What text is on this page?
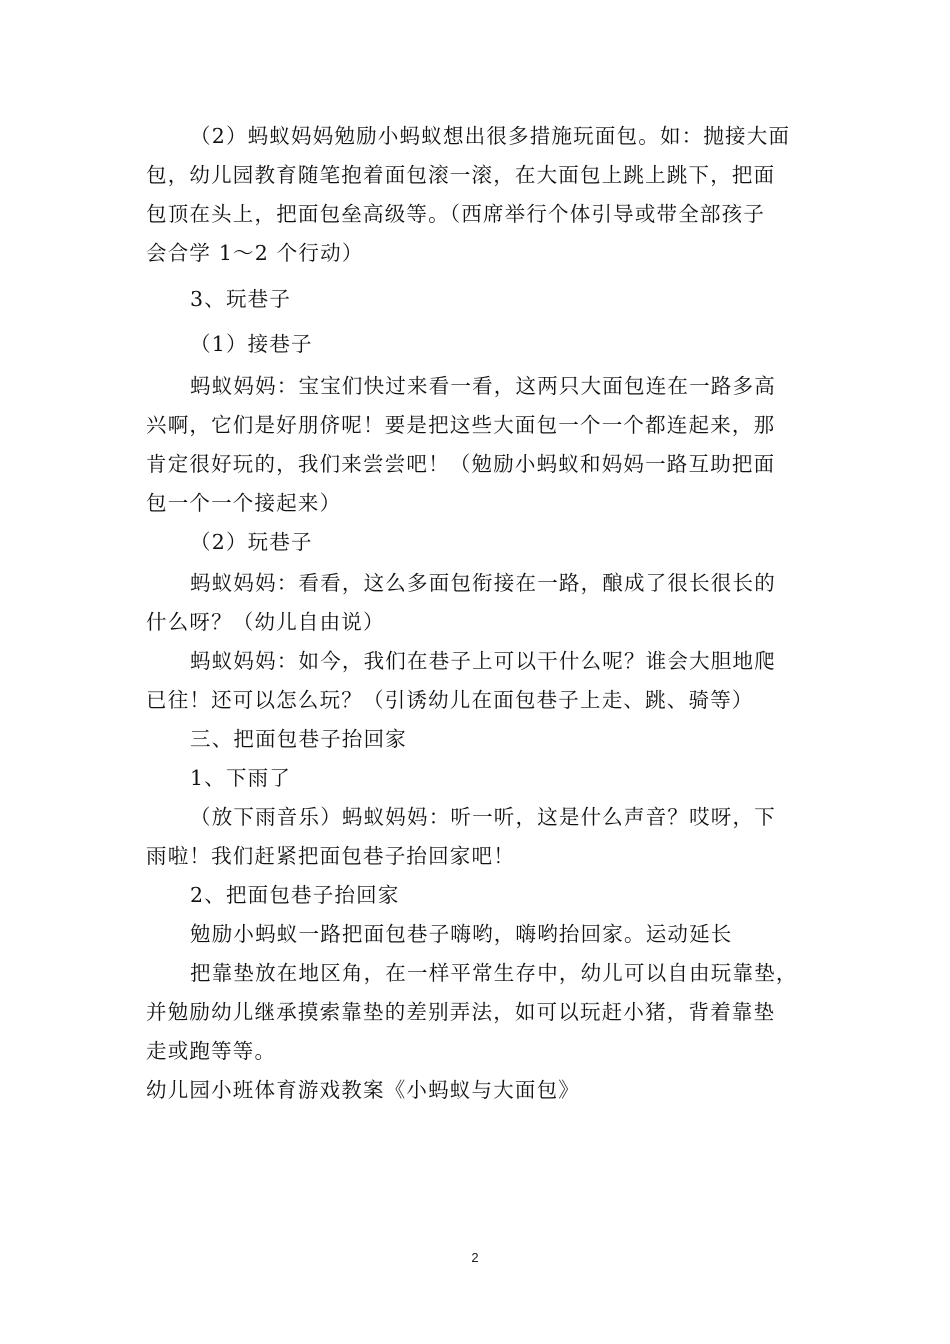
（2）蚂蚁妈妈勉励小蚂蚁想出很多措施玩面包。如：抛接大面
包，幼儿园教育随笔抱着面包滚一滚，在大面包上跳上跳下，把面
包顶在头上，把面包垒高级等。（西席举行个体引导或带全部孩子
会合学 1～2 个行动）
3、玩巷子
（1）接巷子
蚂蚁妈妈：宝宝们快过来看一看，这两只大面包连在一路多高
兴啊，它们是好朋侪呢！要是把这些大面包一个一个都连起来，那
肯定很好玩的，我们来尝尝吧！（勉励小蚂蚁和妈妈一路互助把面
包一个一个接起来）
（2）玩巷子
蚂蚁妈妈：看看，这么多面包衔接在一路，酿成了很长很长的
什么呀？（幼儿自由说）
蚂蚁妈妈：如今，我们在巷子上可以干什么呢？谁会大胆地爬
已往！还可以怎么玩？（引诱幼儿在面包巷子上走、跳、骑等）
三、把面包巷子抬回家
1、下雨了
（放下雨音乐）蚂蚁妈妈：听一听，这是什么声音？哎呀，下
雨啦！我们赶紧把面包巷子抬回家吧！
2、把面包巷子抬回家
勉励小蚂蚁一路把面包巷子嗨哟，嗨哟抬回家。运动延长
把靠垫放在地区角，在一样平常生存中，幼儿可以自由玩靠垫，
并勉励幼儿继承摸索靠垫的差别弄法，如可以玩赶小猪，背着靠垫
走或跑等等。
幼儿园小班体育游戏教案《小蚂蚁与大面包》
2
